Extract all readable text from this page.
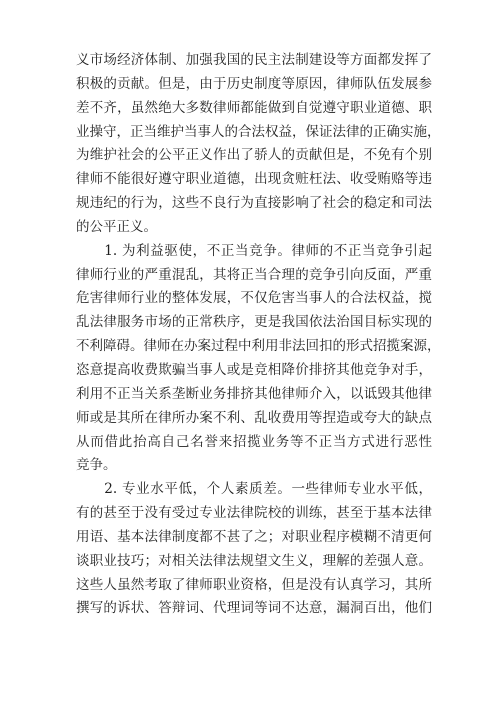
义市场经济体制、加强我国的民主法制建设等方面都发挥了
积极的贡献。但是，由于历史制度等原因，律师队伍发展参
差不齐，虽然绝大多数律师都能做到自觉遵守职业道德、职
业操守，正当维护当事人的合法权益，保证法律的正确实施，
为维护社会的公平正义作出了骄人的贡献但是，不免有个别
律师不能很好遵守职业道德，出现贪赃枉法、收受贿赂等违
规违纪的行为，这些不良行为直接影响了社会的稳定和司法
的公平正义。
　　1. 为利益驱使，不正当竞争。律师的不正当竞争引起
律师行业的严重混乱，其将正当合理的竞争引向反面，严重
危害律师行业的整体发展，不仅危害当事人的合法权益，搅
乱法律服务市场的正常秩序，更是我国依法治国目标实现的
不利障碍。律师在办案过程中利用非法回扣的形式招揽案源，
恣意提高收费欺骗当事人或是竞相降价排挤其他竞争对手，
利用不正当关系垄断业务排挤其他律师介入，以诋毁其他律
师或是其所在律所办案不利、乱收费用等捏造或夸大的缺点
从而借此抬高自己名誉来招揽业务等不正当方式进行恶性
竞争。
　　2. 专业水平低，个人素质差。一些律师专业水平低，
有的甚至于没有受过专业法律院校的训练，甚至于基本法律
用语、基本法律制度都不甚了之；对职业程序模糊不清更何
谈职业技巧；对相关法律法规望文生义，理解的差强人意。
这些人虽然考取了律师职业资格，但是没有认真学习，其所
撰写的诉状、答辩词、代理词等词不达意，漏洞百出，他们
